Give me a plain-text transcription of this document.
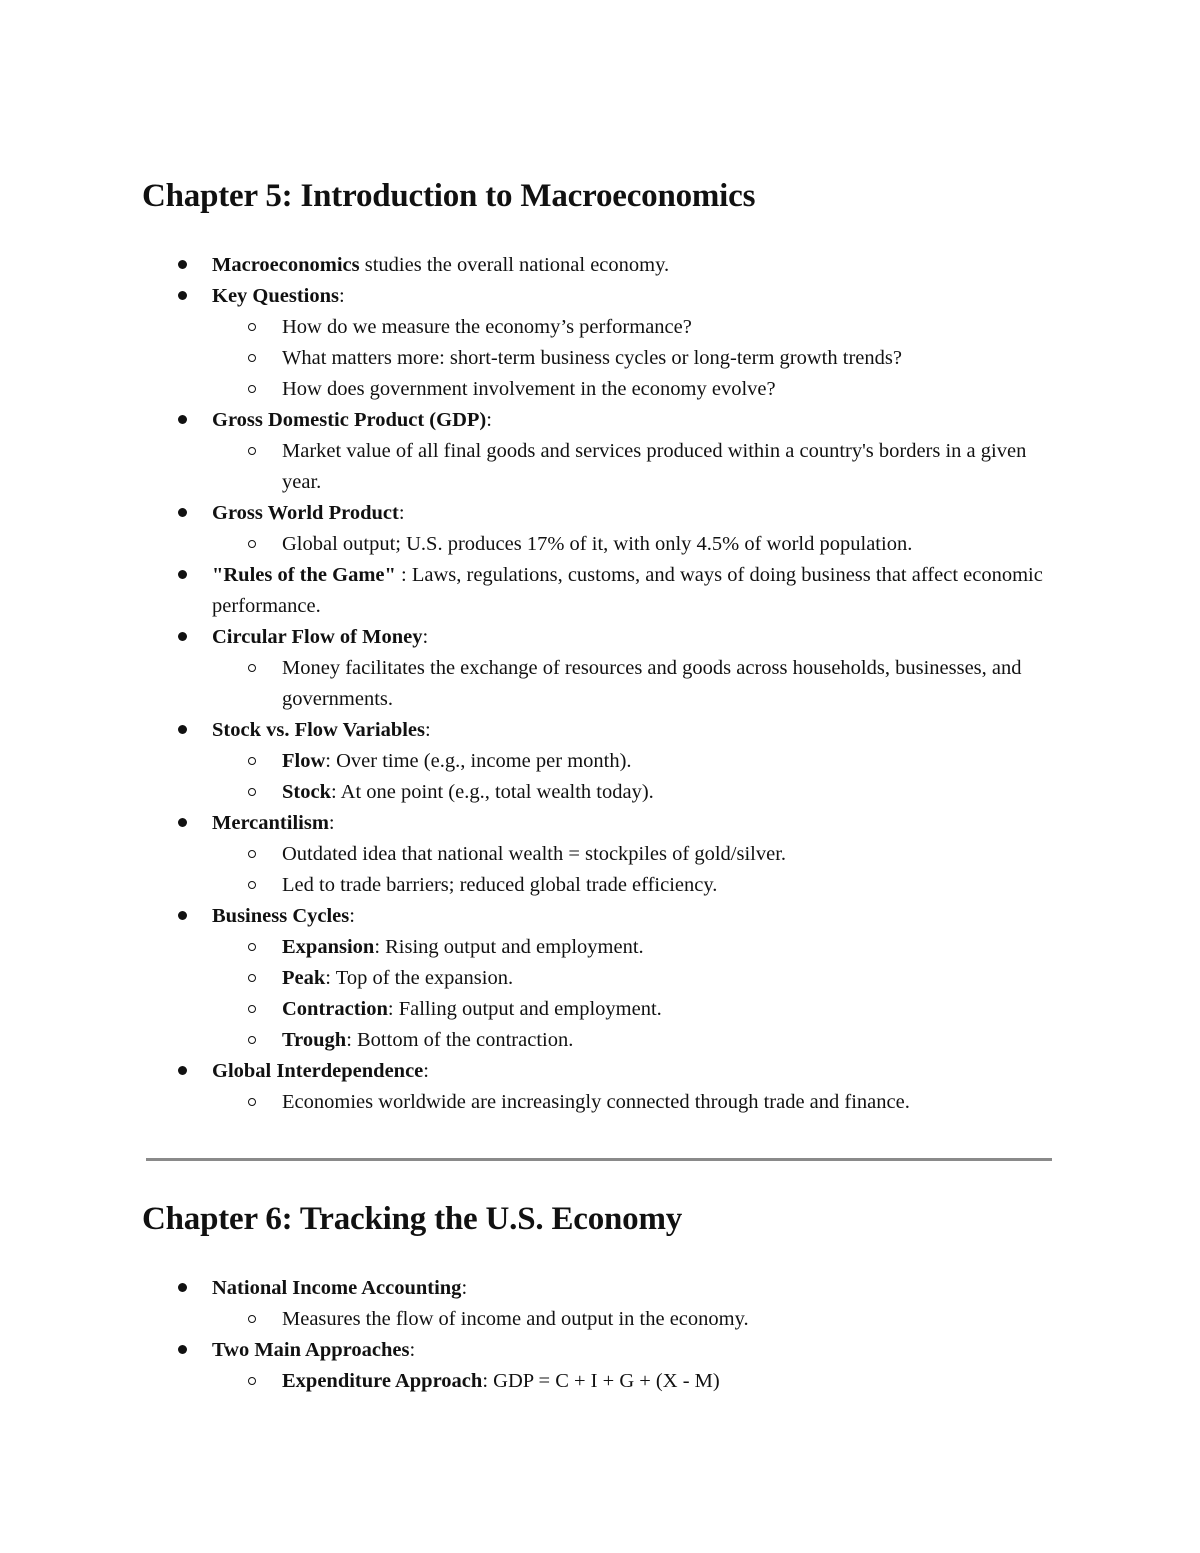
Chapter 5: Introduction to Macroeconomics
Macroeconomics studies the overall national economy.
Key Questions:
How do we measure the economy’s performance?
What matters more: short-term business cycles or long-term growth trends?
How does government involvement in the economy evolve?
Gross Domestic Product (GDP):
Market value of all final goods and services produced within a country's borders in a given year.
Gross World Product:
Global output; U.S. produces 17% of it, with only 4.5% of world population.
"Rules of the Game" : Laws, regulations, customs, and ways of doing business that affect economic performance.
Circular Flow of Money:
Money facilitates the exchange of resources and goods across households, businesses, and governments.
Stock vs. Flow Variables:
Flow: Over time (e.g., income per month).
Stock: At one point (e.g., total wealth today).
Mercantilism:
Outdated idea that national wealth = stockpiles of gold/silver.
Led to trade barriers; reduced global trade efficiency.
Business Cycles:
Expansion: Rising output and employment.
Peak: Top of the expansion.
Contraction: Falling output and employment.
Trough: Bottom of the contraction.
Global Interdependence:
Economies worldwide are increasingly connected through trade and finance.
Chapter 6: Tracking the U.S. Economy
National Income Accounting:
Measures the flow of income and output in the economy.
Two Main Approaches:
Expenditure Approach: GDP = C + I + G + (X - M)
